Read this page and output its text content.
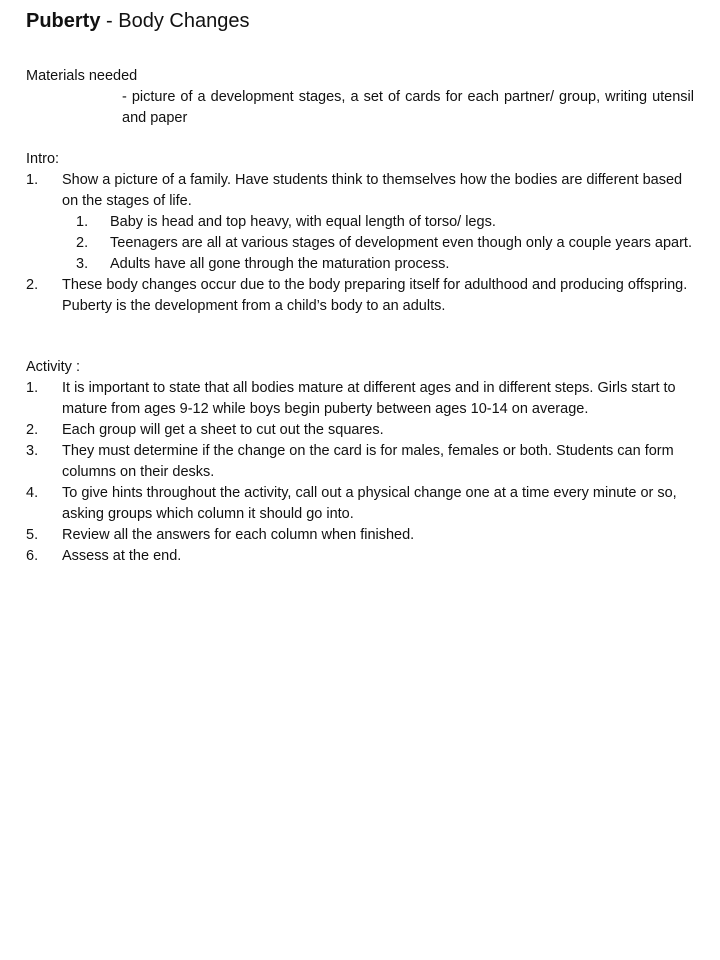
Puberty - Body Changes
Materials needed
- picture of a development stages, a set of cards for each partner/ group, writing utensil and paper
Intro:
1. Show a picture of a family. Have students think to themselves how the bodies are different based on the stages of life.
1. Baby is head and top heavy, with equal length of torso/ legs.
2. Teenagers are all at various stages of development even though only a couple years apart.
3. Adults have all gone through the maturation process.
2. These body changes occur due to the body preparing itself for adulthood and producing offspring. Puberty is the development from a child’s body to an adults.
Activity :
1. It is important to state that all bodies mature at different ages and in different steps. Girls start to mature from ages 9-12 while boys begin puberty between ages 10-14 on average.
2. Each group will get a sheet to cut out the squares.
3. They must determine if the change on the card is for males, females or both. Students can form columns on their desks.
4. To give hints throughout the activity, call out a physical change one at a time every minute or so, asking groups which column it should go into.
5. Review all the answers for each column when finished.
6. Assess at the end.
